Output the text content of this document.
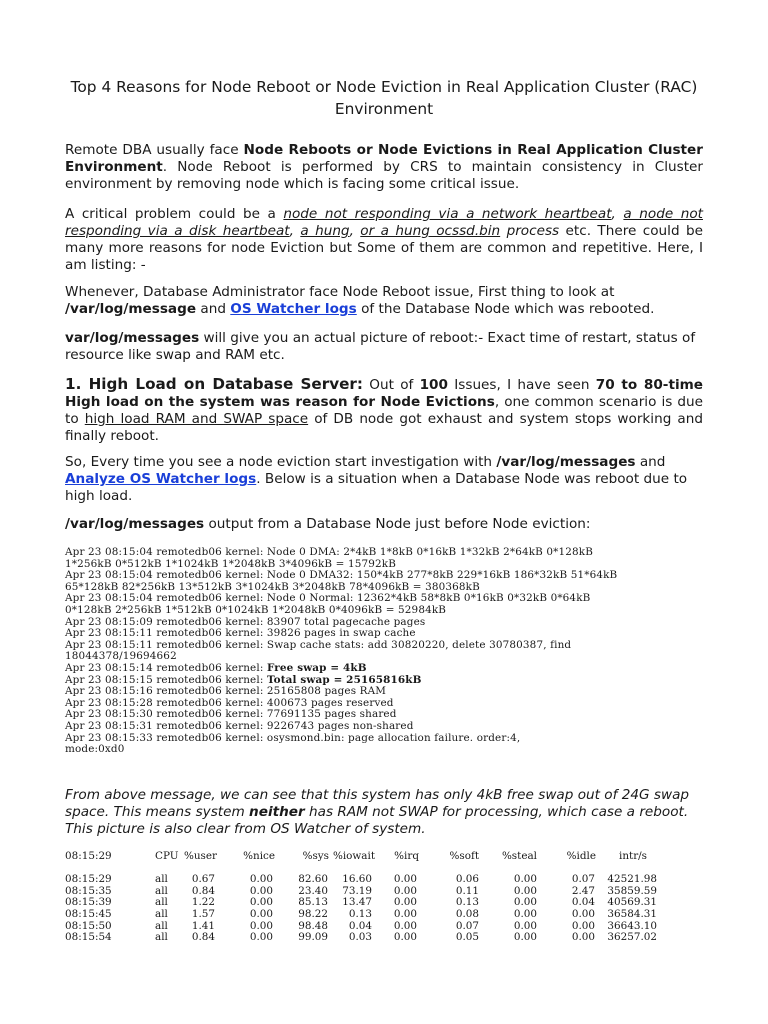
Top 4 Reasons for Node Reboot or Node Eviction in Real Application Cluster (RAC) Environment

Remote DBA usually face Node Reboots or Node Evictions in Real Application Cluster Environment. Node Reboot is performed by CRS to maintain consistency in Cluster environment by removing node which is facing some critical issue.

A critical problem could be a node not responding via a network heartbeat, a node not responding via a disk heartbeat, a hung, or a hung ocssd.bin process etc. There could be many more reasons for node Eviction but Some of them are common and repetitive. Here, I am listing: -

Whenever, Database Administrator face Node Reboot issue, First thing to look at /var/log/message and OS Watcher logs of the Database Node which was rebooted.

var/log/messages will give you an actual picture of reboot:- Exact time of restart, status of resource like swap and RAM etc.

1. High Load on Database Server: Out of 100 Issues, I have seen 70 to 80-time High load on the system was reason for Node Evictions, one common scenario is due to high load RAM and SWAP space of DB node got exhaust and system stops working and finally reboot.

So, Every time you see a node eviction start investigation with /var/log/messages and Analyze OS Watcher logs. Below is a situation when a Database Node was reboot due to high load.

/var/log/messages output from a Database Node just before Node eviction:

Apr 23 08:15:04 remotedb06 kernel: Node 0 DMA: 2*4kB 1*8kB 0*16kB 1*32kB 2*64kB 0*128kB
1*256kB 0*512kB 1*1024kB 1*2048kB 3*4096kB = 15792kB
Apr 23 08:15:04 remotedb06 kernel: Node 0 DMA32: 150*4kB 277*8kB 229*16kB 186*32kB 51*64kB
65*128kB 82*256kB 13*512kB 3*1024kB 3*2048kB 78*4096kB = 380368kB
Apr 23 08:15:04 remotedb06 kernel: Node 0 Normal: 12362*4kB 58*8kB 0*16kB 0*32kB 0*64kB
0*128kB 2*256kB 1*512kB 0*1024kB 1*2048kB 0*4096kB = 52984kB
Apr 23 08:15:09 remotedb06 kernel: 83907 total pagecache pages
Apr 23 08:15:11 remotedb06 kernel: 39826 pages in swap cache
Apr 23 08:15:11 remotedb06 kernel: Swap cache stats: add 30820220, delete 30780387, find
18044378/19694662
Apr 23 08:15:14 remotedb06 kernel: Free swap = 4kB
Apr 23 08:15:15 remotedb06 kernel: Total swap = 25165816kB
Apr 23 08:15:16 remotedb06 kernel: 25165808 pages RAM
Apr 23 08:15:28 remotedb06 kernel: 400673 pages reserved
Apr 23 08:15:30 remotedb06 kernel: 77691135 pages shared
Apr 23 08:15:31 remotedb06 kernel: 9226743 pages non-shared
Apr 23 08:15:33 remotedb06 kernel: osysmond.bin: page allocation failure. order:4,
mode:0xd0

From above message, we can see that this system has only 4kB free swap out of 24G swap space. This means system neither has RAM not SWAP for processing, which case a reboot. This picture is also clear from OS Watcher of system.

08:15:29	CPU %user	%nice	%sys %iowait	%irq	%soft	%steal	%idle	intr/s
08:15:29	all	0.67	0.00	82.60	16.60	0.00	0.06	0.00	0.07	42521.98
08:15:35	all	0.84	0.00	23.40	73.19	0.00	0.11	0.00	2.47	35859.59
08:15:39	all	1.22	0.00	85.13	13.47	0.00	0.13	0.00	0.04	40569.31
08:15:45	all	1.57	0.00	98.22	0.13	0.00	0.08	0.00	0.00	36584.31
08:15:50	all	1.41	0.00	98.48	0.04	0.00	0.07	0.00	0.00	36643.10
08:15:54	all	0.84	0.00	99.09	0.03	0.00	0.05	0.00	0.00	36257.02
